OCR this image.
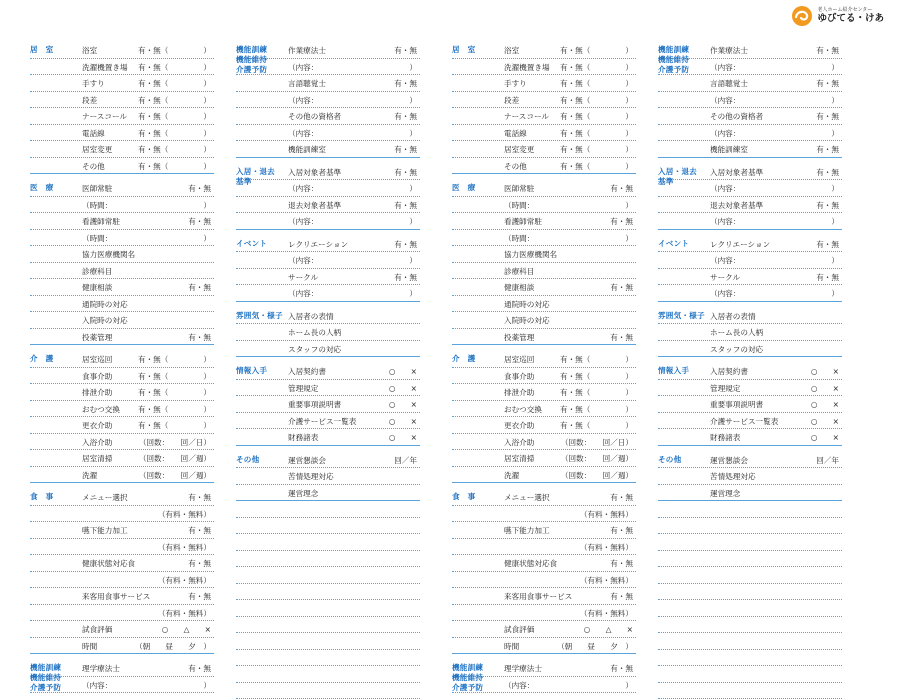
老人ホーム紹介センター
ゆびてる・けあ
居　室	浴室	有・無（	）
洗濯機置き場 有・無（	）
手すり	有・無（	）
段差	有・無（	）
ナースコール 有・無（	）
電話線	有・無（	）
居室変更	有・無（	）
その他	有・無（	）
医　療	医師常駐	有・無
（時間：	）
看護師常駐	有・無
（時間：	）
協力医療機関名
診療科目
健康相談	有・無
通院時の対応
入院時の対応
投薬管理	有・無
介　護	居室巡回	有・無（	）
食事介助	有・無（	）
排泄介助	有・無（	）
おむつ交換 有・無（	）
更衣介助	有・無（	）
入浴介助	（回数：　　回／日）
居室清掃	（回数：　　回／週）
洗濯	（回数：　　回／週）
食　事	メニュー選択	有・無
（有料・無料）
嚥下能力加工	有・無
（有料・無料）
健康状態対応食	有・無
（有料・無料）
来客用食事サービス	有・無
（有料・無料）
試食評価	○　　△　　×
時間	（朝　　昼　　夕　）
機能訓練
機能維持
介護予防
理学療法士	有・無
（内容：	）
機能訓練
機能維持
介護予防
作業療法士	有・無
（内容：	）
言語聴覚士	有・無
（内容：	）
その他の資格者	有・無
（内容：	）
機能訓練室	有・無
入居・退去
基準
入居対象者基準	有・無
（内容：	）
退去対象者基準	有・無
（内容：	）
イベント	レクリエーション	有・無
（内容：	）
サークル	有・無
（内容：	）
雰囲気・様子 入居者の表情
ホーム長の人柄
スタッフの対応
情報入手	入居契約書	○　　×
管理規定	○　　×
重要事項説明書	○　　×
介護サービス一覧表	○　　×
財務諸表	○　　×
その他	運営懇談会	回／年
苦情処理対応
運営理念
居　室	浴室	有・無（	）
洗濯機置き場 有・無（	）
手すり	有・無（	）
段差	有・無（	）
ナースコール 有・無（	）
電話線	有・無（	）
居室変更	有・無（	）
その他	有・無（	）
医　療	医師常駐	有・無
（時間：	）
看護師常駐	有・無
（時間：	）
協力医療機関名
診療科目
健康相談	有・無
通院時の対応
入院時の対応
投薬管理	有・無
介　護	居室巡回	有・無（	）
食事介助	有・無（	）
排泄介助	有・無（	）
おむつ交換 有・無（	）
更衣介助	有・無（	）
入浴介助	（回数：　　回／日）
居室清掃	（回数：　　回／週）
洗濯	（回数：　　回／週）
食　事	メニュー選択	有・無
（有料・無料）
嚥下能力加工	有・無
（有料・無料）
健康状態対応食	有・無
（有料・無料）
来客用食事サービス	有・無
（有料・無料）
試食評価	○　　△　　×
時間	（朝　　昼　　夕　）
機能訓練
機能維持
介護予防
理学療法士	有・無
（内容：	）
機能訓練
機能維持
介護予防
作業療法士	有・無
（内容：	）
言語聴覚士	有・無
（内容：	）
その他の資格者	有・無
（内容：	）
機能訓練室	有・無
入居・退去
基準
入居対象者基準	有・無
（内容：	）
退去対象者基準	有・無
（内容：	）
イベント	レクリエーション	有・無
（内容：	）
サークル	有・無
（内容：	）
雰囲気・様子 入居者の表情
ホーム長の人柄
スタッフの対応
情報入手	入居契約書	○　　×
管理規定	○　　×
重要事項説明書	○　　×
介護サービス一覧表	○　　×
財務諸表	○　　×
その他	運営懇談会	回／年
苦情処理対応
運営理念
